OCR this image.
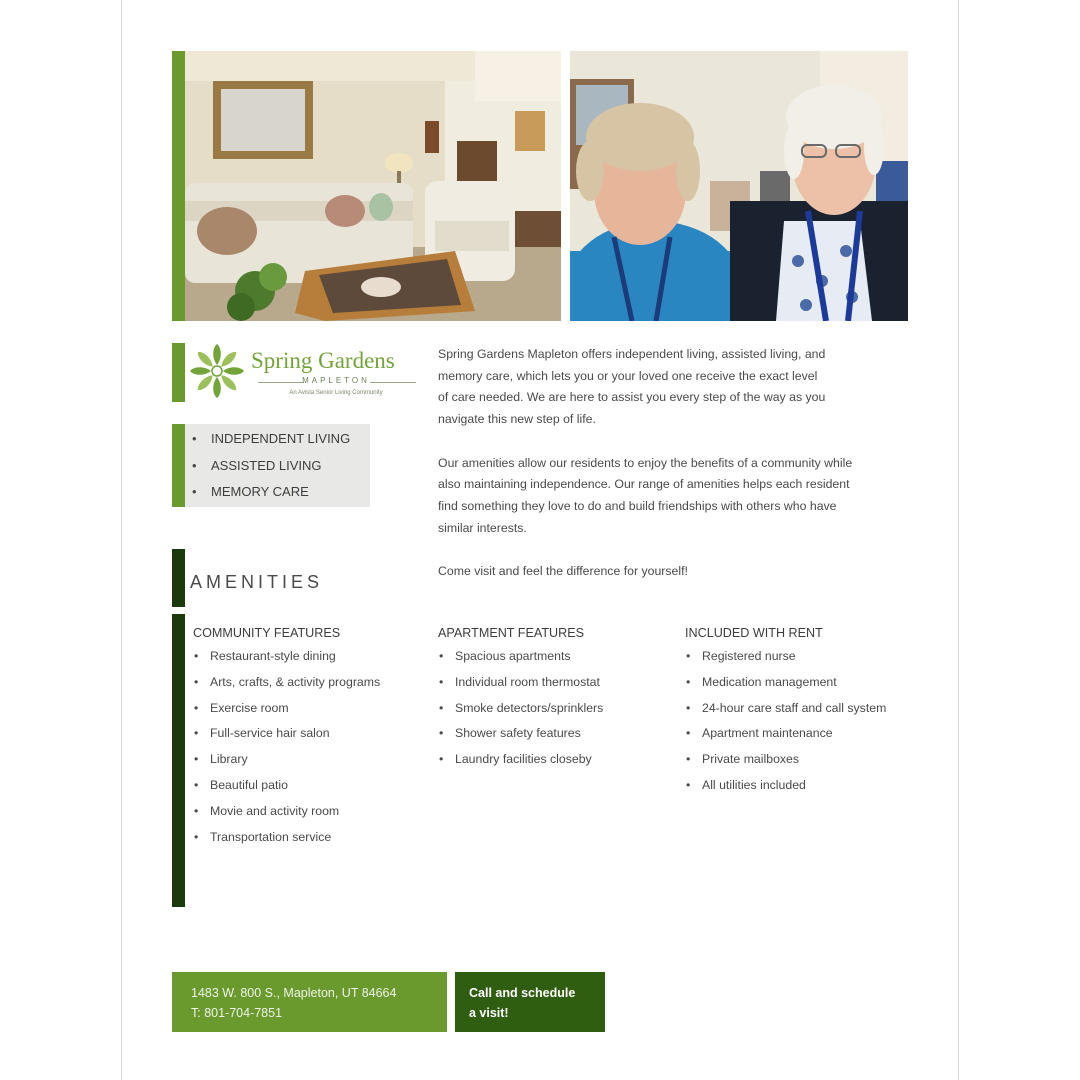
Spring Gardens
MAPLETON
An Avista Senior Living Community
• INDEPENDENT LIVING
• ASSISTED LIVING
• MEMORY CARE

Spring Gardens Mapleton offers independent living, assisted living, and
memory care, which lets you or your loved one receive the exact level
of care needed. We are here to assist you every step of the way as you
navigate this new step of life.

Our amenities allow our residents to enjoy the benefits of a community while
also maintaining independence. Our range of amenities helps each resident
find something they love to do and build friendships with others who have
similar interests.

Come visit and feel the difference for yourself!

AMENITIES
COMMUNITY FEATURES
• Restaurant-style dining
• Arts, crafts, & activity programs
• Exercise room
• Full-service hair salon
• Library
• Beautiful patio
• Movie and activity room
• Transportation service
APARTMENT FEATURES
• Spacious apartments
• Individual room thermostat
• Smoke detectors/sprinklers
• Shower safety features
• Laundry facilities closeby
INCLUDED WITH RENT
• Registered nurse
• Medication management
• 24-hour care staff and call system
• Apartment maintenance
• Private mailboxes
• All utilities included
1483 W. 800 S., Mapleton, UT 84664
T: 801-704-7851
Call and schedule
a visit!
